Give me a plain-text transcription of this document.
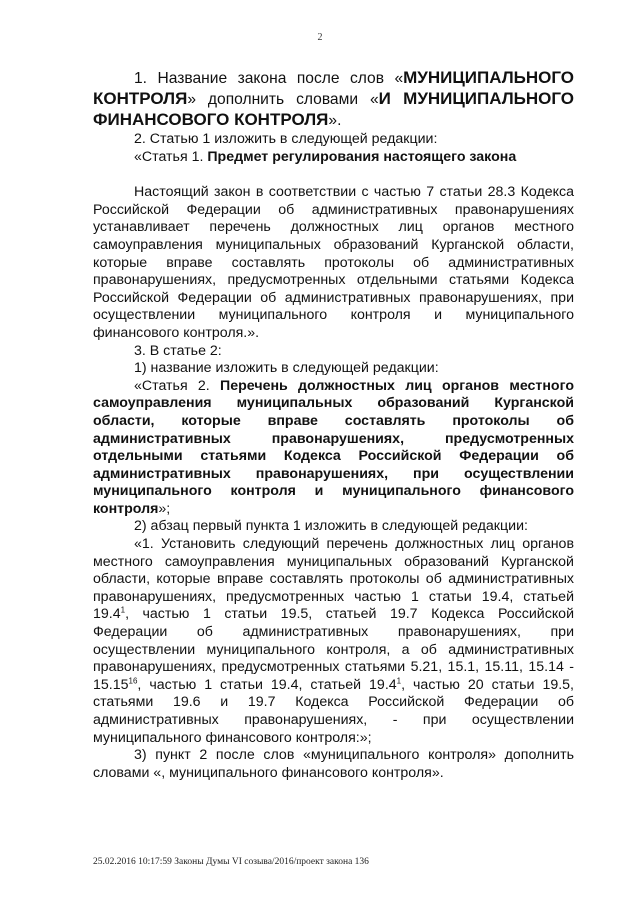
2

1. Название закона после слов «МУНИЦИПАЛЬНОГО КОНТРОЛЯ» дополнить словами «И МУНИЦИПАЛЬНОГО ФИНАНСОВОГО КОНТРОЛЯ».

2. Статью 1 изложить в следующей редакции:

«Статья 1. Предмет регулирования настоящего закона

Настоящий закон в соответствии с частью 7 статьи 28.3 Кодекса Российской Федерации об административных правонарушениях устанавливает перечень должностных лиц органов местного самоуправления муниципальных образований Курганской области, которые вправе составлять протоколы об административных правонарушениях, предусмотренных отдельными статьями Кодекса Российской Федерации об административных правонарушениях, при осуществлении муниципального контроля и муниципального финансового контроля.».

3. В статье 2:

1) название изложить в следующей редакции:

«Статья 2. Перечень должностных лиц органов местного самоуправления муниципальных образований Курганской области, которые вправе составлять протоколы об административных правонарушениях, предусмотренных отдельными статьями Кодекса Российской Федерации об административных правонарушениях, при осуществлении муниципального контроля и муниципального финансового контроля»;

2) абзац первый пункта 1 изложить в следующей редакции:

«1. Установить следующий перечень должностных лиц органов местного самоуправления муниципальных образований Курганской области, которые вправе составлять протоколы об административных правонарушениях, предусмотренных частью 1 статьи 19.4, статьей 19.4$^1$, частью 1 статьи 19.5, статьей 19.7 Кодекса Российской Федерации об административных правонарушениях, при осуществлении муниципального контроля, а об административных правонарушениях, предусмотренных статьями 5.21, 15.1, 15.11, 15.14 - 15.15$^{16}$, частью 1 статьи 19.4, статьей 19.4$^1$, частью 20 статьи 19.5, статьями 19.6 и 19.7 Кодекса Российской Федерации об административных правонарушениях, - при осуществлении муниципального финансового контроля:»;

3) пункт 2 после слов «муниципального контроля» дополнить словами «, муниципального финансового контроля».

25.02.2016 10:17:59 Законы Думы VI созыва/2016/проект закона 136
